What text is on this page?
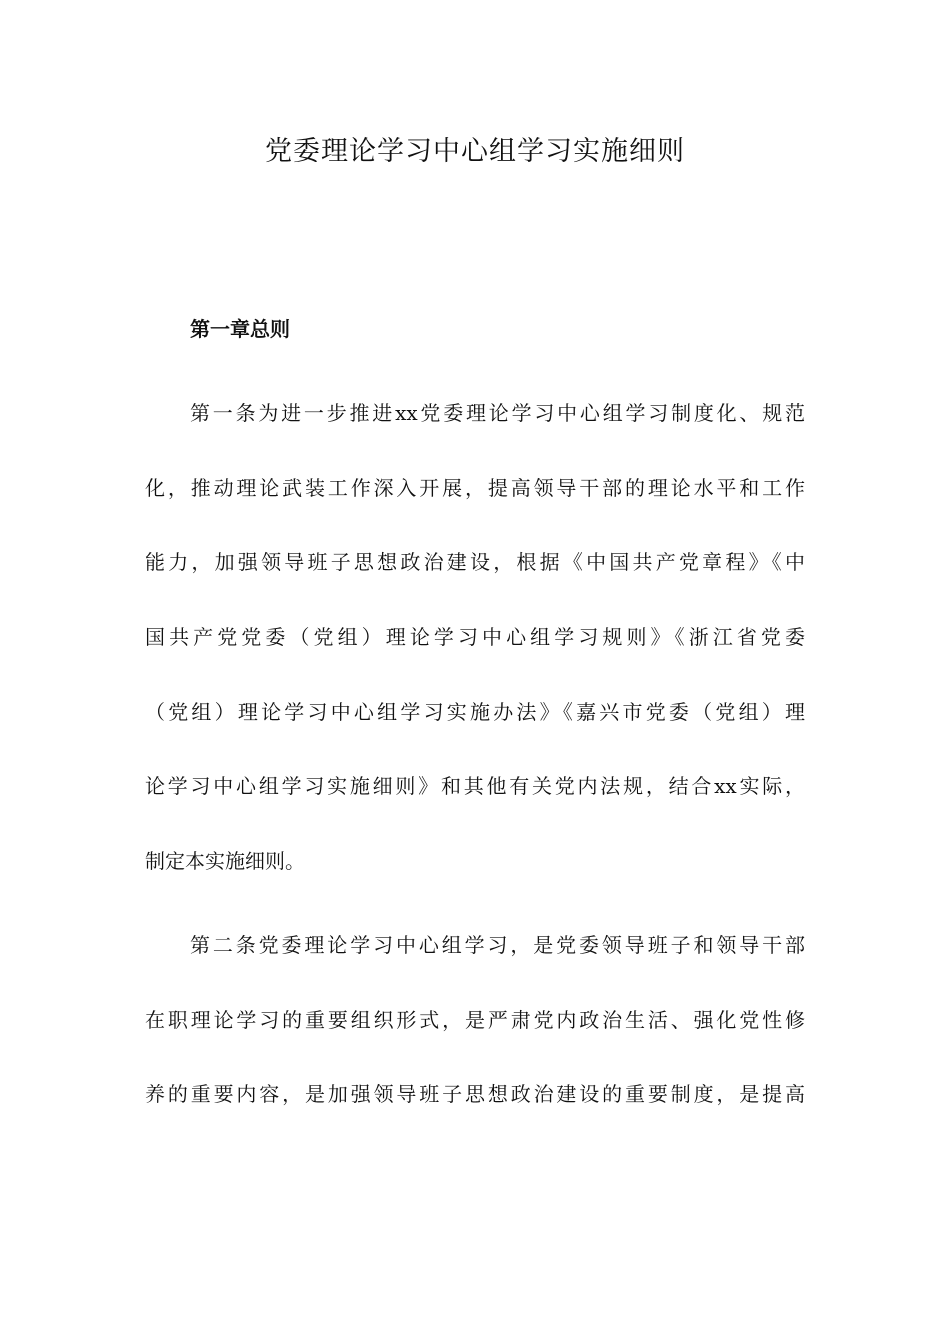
党委理论学习中心组学习实施细则
第一章总则
第一条为进一步推进xx党委理论学习中心组学习制度化、规范
化，推动理论武装工作深入开展，提高领导干部的理论水平和工作
能力，加强领导班子思想政治建设，根据《中国共产党章程》《中
国共产党党委（党组）理论学习中心组学习规则》《浙江省党委
（党组）理论学习中心组学习实施办法》《嘉兴市党委（党组）理
论学习中心组学习实施细则》和其他有关党内法规，结合xx实际，
制定本实施细则。
第二条党委理论学习中心组学习，是党委领导班子和领导干部
在职理论学习的重要组织形式，是严肃党内政治生活、强化党性修
养的重要内容，是加强领导班子思想政治建设的重要制度，是提高
